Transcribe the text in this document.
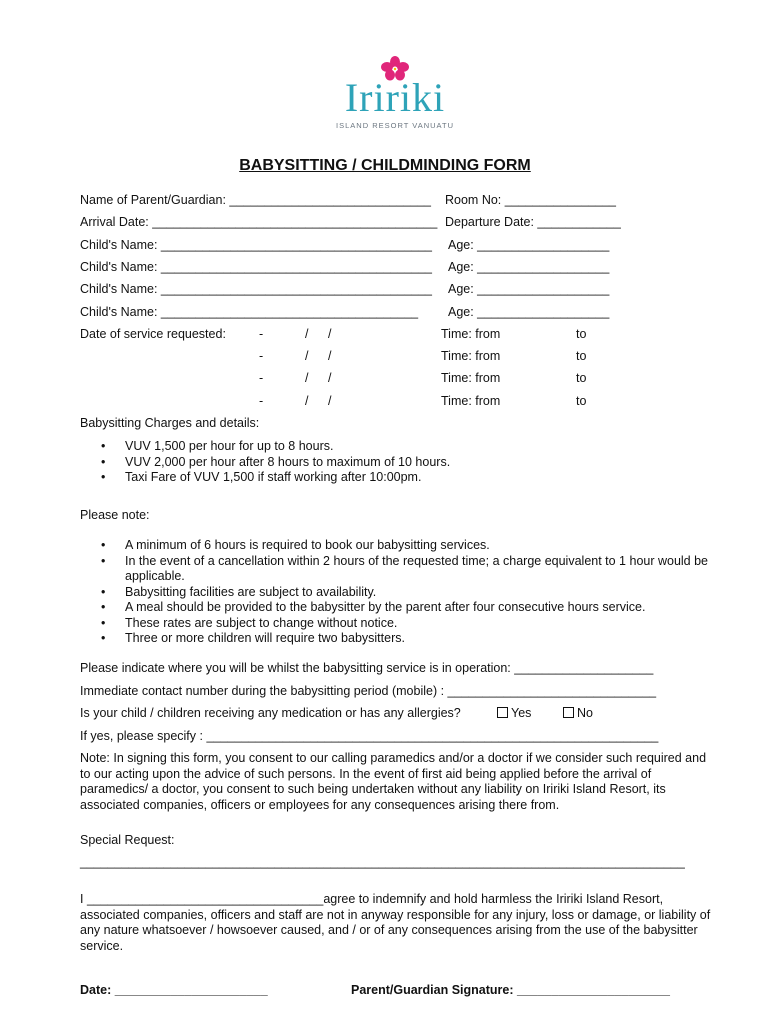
Iririki
ISLAND RESORT VANUATU
BABYSITTING / CHILDMINDING FORM
Name of Parent/Guardian: _____________________________ Room No: ________________
Arrival Date: _________________________________________ Departure Date: ____________
Child's Name: _______________________________________ Age: ___________________
Child's Name: _______________________________________ Age: ___________________
Child's Name: _______________________________________ Age: ___________________
Child's Name: _____________________________________ Age: ___________________
Date of service requested:	-	/ /	Time: from	to
-	/ /	Time: from	to
-	/ /	Time: from	to
-	/ /	Time: from	to
Babysitting Charges and details:
• VUV 1,500 per hour for up to 8 hours.
• VUV 2,000 per hour after 8 hours to maximum of 10 hours.
• Taxi Fare of VUV 1,500 if staff working after 10:00pm.
Please note:
• A minimum of 6 hours is required to book our babysitting services.
• In the event of a cancellation within 2 hours of the requested time; a charge equivalent to 1 hour would be applicable.
• Babysitting facilities are subject to availability.
• A meal should be provided to the babysitter by the parent after four consecutive hours service.
• These rates are subject to change without notice.
• Three or more children will require two babysitters.
Please indicate where you will be whilst the babysitting service is in operation: ____________________
Immediate contact number during the babysitting period (mobile) : ______________________________
Is your child / children receiving any medication or has any allergies?	Yes	No
If yes, please specify : _________________________________________________________________
Note: In signing this form, you consent to our calling paramedics and/or a doctor if we consider such required and to our acting upon the advice of such persons. In the event of first aid being applied before the arrival of paramedics/ a doctor, you consent to such being undertaken without any liability on Iririki Island Resort, its associated companies, officers or employees for any consequences arising there from.
Special Request:
_______________________________________________________________________________________
I __________________________________agree to indemnify and hold harmless the Iririki Island Resort, associated companies, officers and staff are not in anyway responsible for any injury, loss or damage, or liability of any nature whatsoever / howsoever caused, and / or of any consequences arising from the use of the babysitter service.
Date: ______________________	Parent/Guardian Signature: ______________________
